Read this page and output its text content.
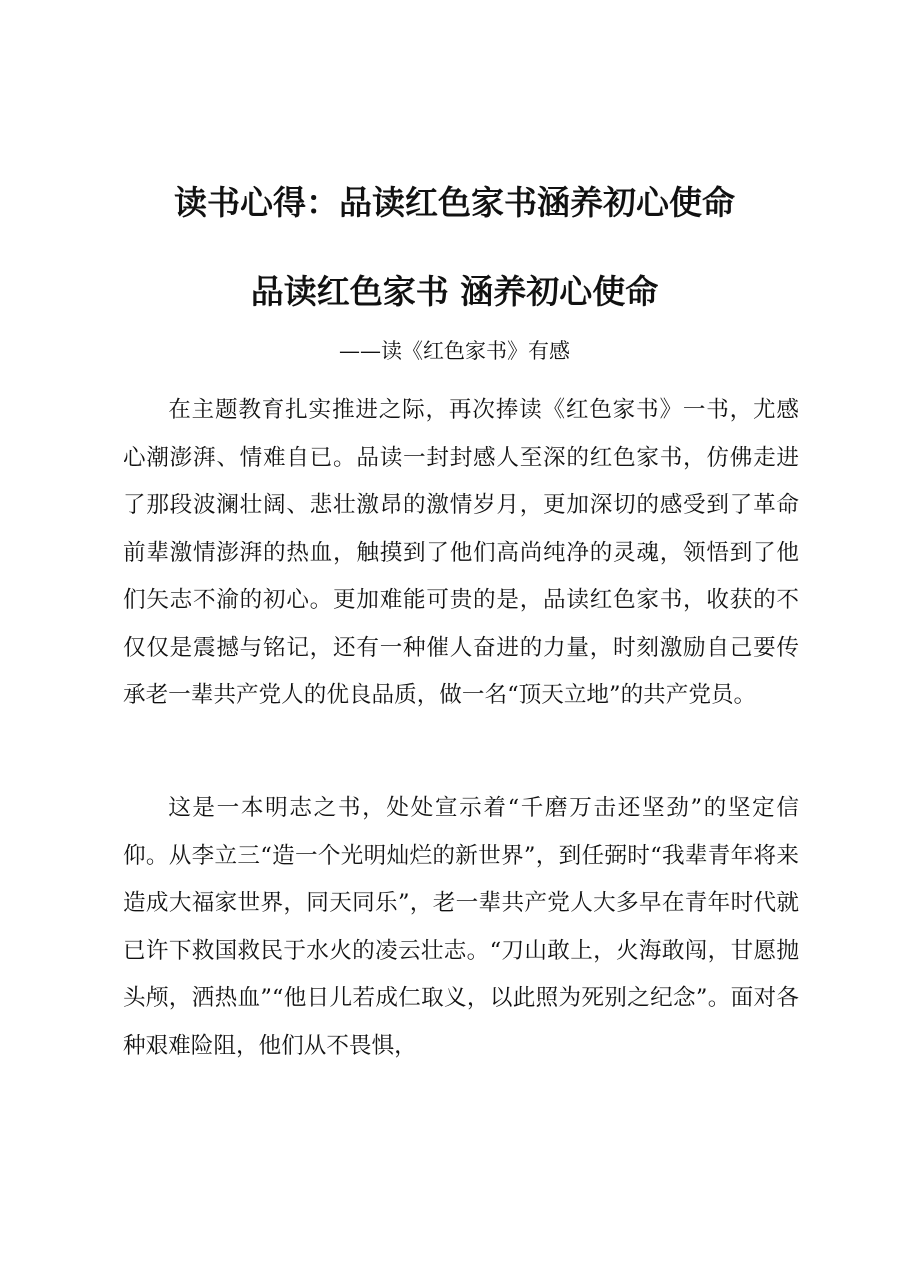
读书心得：品读红色家书涵养初心使命
品读红色家书 涵养初心使命
——读《红色家书》有感

在主题教育扎实推进之际，再次捧读《红色家书》一书，尤感心潮澎湃、情难自已。品读一封封感人至深的红色家书，仿佛走进了那段波澜壮阔、悲壮激昂的激情岁月，更加深切的感受到了革命前辈激情澎湃的热血，触摸到了他们高尚纯净的灵魂，领悟到了他们矢志不渝的初心。更加难能可贵的是，品读红色家书，收获的不仅仅是震撼与铭记，还有一种催人奋进的力量，时刻激励自己要传承老一辈共产党人的优良品质，做一名“顶天立地”的共产党员。

这是一本明志之书，处处宣示着“千磨万击还坚劲”的坚定信仰。从李立三“造一个光明灿烂的新世界”，到任弼时“我辈青年将来造成大福家世界，同天同乐”，老一辈共产党人大多早在青年时代就已许下救国救民于水火的凌云壮志。“刀山敢上，火海敢闯，甘愿抛头颅，洒热血”“他日儿若成仁取义，以此照为死别之纪念”。面对各种艰难险阻，他们从不畏惧，
